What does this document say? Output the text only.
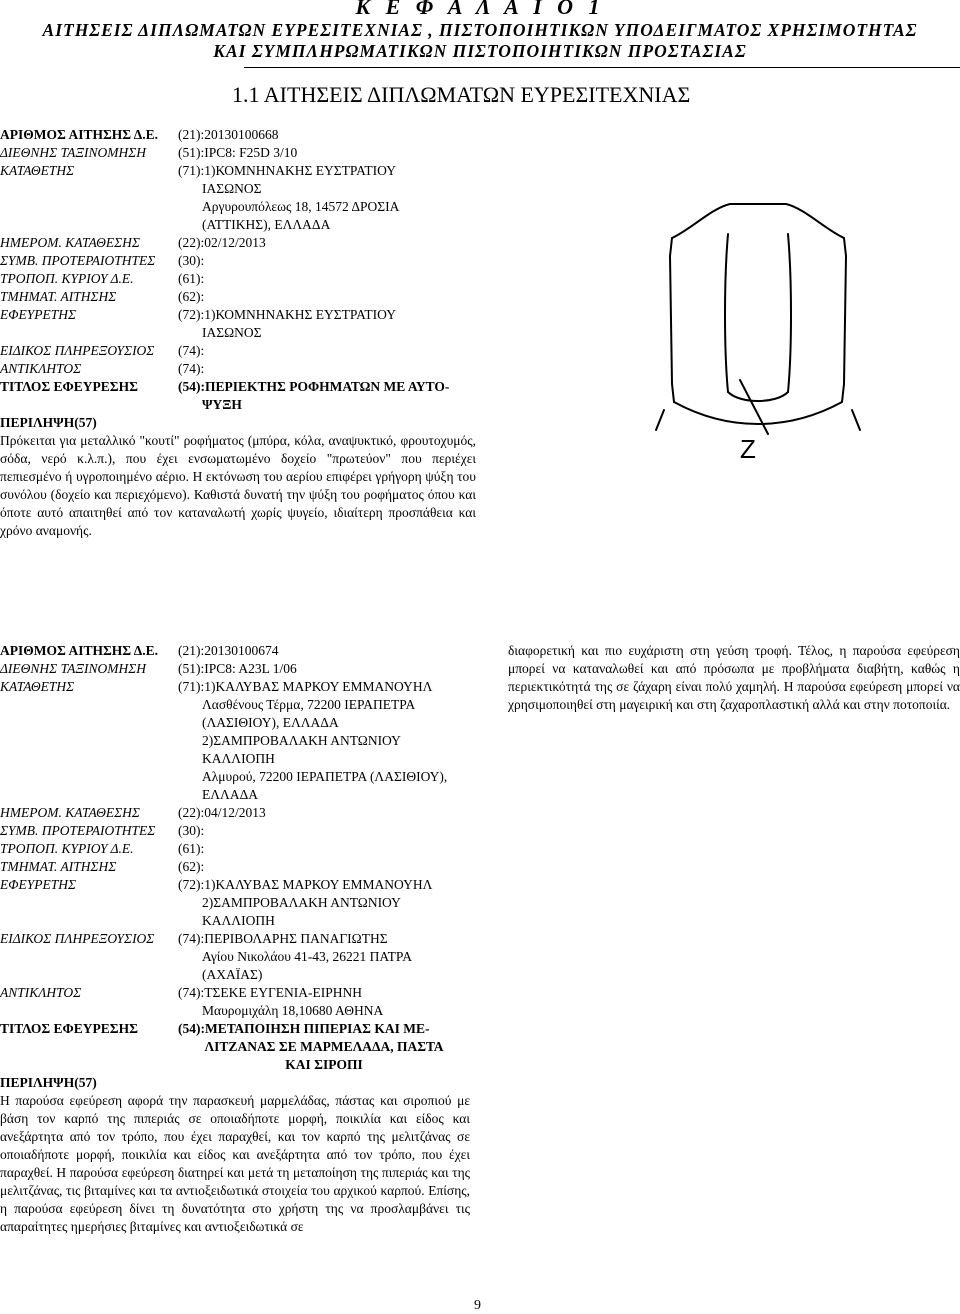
Κ Ε Φ Α Λ Α Ι Ο 1
ΑΙΤΗΣΕΙΣ ΔΙΠΛΩΜΑΤΩΝ ΕΥΡΕΣΙΤΕΧΝΙΑΣ , ΠΙΣΤΟΠΟΙΗΤΙΚΩΝ ΥΠΟΔΕΙΓΜΑΤΟΣ ΧΡΗΣΙΜΟΤΗΤΑΣ
ΚΑΙ ΣΥΜΠΛΗΡΩΜΑΤΙΚΩΝ ΠΙΣΤΟΠΟΙΗΤΙΚΩΝ ΠΡΟΣΤΑΣΙΑΣ
1.1 ΑΙΤΗΣΕΙΣ ΔΙΠΛΩΜΑΤΩΝ ΕΥΡΕΣΙΤΕΧΝΙΑΣ
ΑΡΙΘΜΟΣ ΑΙΤΗΣΗΣ Δ.Ε.	(21):20130100668
ΔΙΕΘΝΗΣ ΤΑΞΙΝΟΜΗΣΗ	(51):IPC8: F25D 3/10
ΚΑΤΑΘΕΤΗΣ	(71):1)ΚΟΜΝΗΝΑΚΗΣ ΕΥΣΤΡΑΤΙΟΥ
ΙΑΣΩΝΟΣ
Αργυρουπόλεως 18, 14572 ΔΡΟΣΙΑ
(ΑΤΤΙΚΗΣ), ΕΛΛΑΔΑ
ΗΜΕΡΟΜ. ΚΑΤΑΘΕΣΗΣ	(22):02/12/2013
ΣΥΜΒ. ΠΡΟΤΕΡΑΙΟΤΗΤΕΣ	(30):
ΤΡΟΠΟΠ. ΚΥΡΙΟΥ Δ.Ε.	(61):
ΤΜΗΜΑΤ. ΑΙΤΗΣΗΣ	(62):
ΕΦΕΥΡΕΤΗΣ	(72):1)ΚΟΜΝΗΝΑΚΗΣ ΕΥΣΤΡΑΤΙΟΥ
ΙΑΣΩΝΟΣ
ΕΙΔΙΚΟΣ ΠΛΗΡΕΞΟΥΣΙΟΣ	(74):
ΑΝΤΙΚΛΗΤΟΣ	(74):
ΤΙΤΛΟΣ ΕΦΕΥΡΕΣΗΣ	(54):ΠΕΡΙΕΚΤΗΣ ΡΟΦΗΜΑΤΩΝ ΜΕ ΑΥΤΟ-
ΨΥΞΗ
ΠΕΡΙΛΗΨΗ(57)
Πρόκειται για μεταλλικό "κουτί" ροφήματος (μπύρα, κόλα, αναψυκτικό, φρουτοχυμός, σόδα, νερό κ.λ.π.), που έχει ενσωματωμένο δοχείο "πρωτεύον" που περιέχει πεπιεσμένο ή υγροποιημένο αέριο. Η εκτόνωση του αερίου επιφέρει γρήγορη ψύξη του συνόλου (δοχείο και περιεχόμενο). Καθιστά δυνατή την ψύξη του ροφήματος όπου και όποτε αυτό απαιτηθεί από τον καταναλωτή χωρίς ψυγείο, ιδιαίτερη προσπάθεια και χρόνο αναμονής.
Z
ΑΡΙΘΜΟΣ ΑΙΤΗΣΗΣ Δ.Ε.	(21):20130100674
ΔΙΕΘΝΗΣ ΤΑΞΙΝΟΜΗΣΗ	(51):IPC8: A23L 1/06
ΚΑΤΑΘΕΤΗΣ	(71):1)ΚΑΛΥΒΑΣ ΜΑΡΚΟΥ ΕΜΜΑΝΟΥΗΛ
Λασθένους Τέρμα, 72200 ΙΕΡΑΠΕΤΡΑ
(ΛΑΣΙΘΙΟΥ), ΕΛΛΑΔΑ
2)ΣΑΜΠΡΟΒΑΛΑΚΗ ΑΝΤΩΝΙΟΥ
ΚΑΛΛΙΟΠΗ
Αλμυρού, 72200 ΙΕΡΑΠΕΤΡΑ (ΛΑΣΙΘΙΟΥ),
ΕΛΛΑΔΑ
ΗΜΕΡΟΜ. ΚΑΤΑΘΕΣΗΣ	(22):04/12/2013
ΣΥΜΒ. ΠΡΟΤΕΡΑΙΟΤΗΤΕΣ	(30):
ΤΡΟΠΟΠ. ΚΥΡΙΟΥ Δ.Ε.	(61):
ΤΜΗΜΑΤ. ΑΙΤΗΣΗΣ	(62):
ΕΦΕΥΡΕΤΗΣ	(72):1)ΚΑΛΥΒΑΣ ΜΑΡΚΟΥ ΕΜΜΑΝΟΥΗΛ
2)ΣΑΜΠΡΟΒΑΛΑΚΗ ΑΝΤΩΝΙΟΥ
ΚΑΛΛΙΟΠΗ
ΕΙΔΙΚΟΣ ΠΛΗΡΕΞΟΥΣΙΟΣ	(74):ΠΕΡΙΒΟΛΑΡΗΣ ΠΑΝΑΓΙΩΤΗΣ
Αγίου Νικολάου 41-43, 26221 ΠΑΤΡΑ
(ΑΧΑΪΑΣ)
ΑΝΤΙΚΛΗΤΟΣ	(74):ΤΣΕΚΕ ΕΥΓΕΝΙΑ-ΕΙΡΗΝΗ
Μαυρομιχάλη 18,10680 ΑΘΗΝΑ
ΤΙΤΛΟΣ ΕΦΕΥΡΕΣΗΣ	(54):ΜΕΤΑΠΟΙΗΣΗ ΠΙΠΕΡΙΑΣ ΚΑΙ ΜΕ-
ΛΙΤΖΑΝΑΣ ΣΕ ΜΑΡΜΕΛΑΔΑ, ΠΑΣΤΑ
ΚΑΙ ΣΙΡΟΠΙ
ΠΕΡΙΛΗΨΗ(57)
Η παρούσα εφεύρεση αφορά την παρασκευή μαρμελάδας, πάστας και σιροπιού με βάση τον καρπό της πιπεριάς σε οποιαδήποτε μορφή, ποικιλία και είδος και ανεξάρτητα από τον τρόπο, που έχει παραχθεί, και τον καρπό της μελιτζάνας σε οποιαδήποτε μορφή, ποικιλία και είδος και ανεξάρτητα από τον τρόπο, που έχει παραχθεί. Η παρούσα εφεύρεση διατηρεί και μετά τη μεταποίηση της πιπεριάς και της μελιτζάνας, τις βιταμίνες και τα αντιοξειδωτικά στοιχεία του αρχικού καρπού. Επίσης, η παρούσα εφεύρεση δίνει τη δυνατότητα στο χρήστη της να προσλαμβάνει τις απαραίτητες ημερήσιες βιταμίνες και αντιοξειδωτικά σε
διαφορετική και πιο ευχάριστη στη γεύση τροφή. Τέλος, η παρούσα εφεύρεση μπορεί να καταναλωθεί και από πρόσωπα με προβλήματα διαβήτη, καθώς η περιεκτικότητά της σε ζάχαρη είναι πολύ χαμηλή. Η παρούσα εφεύρεση μπορεί να χρησιμοποιηθεί στη μαγειρική και στη ζαχαροπλαστική αλλά και στην ποτοποιία.
9
